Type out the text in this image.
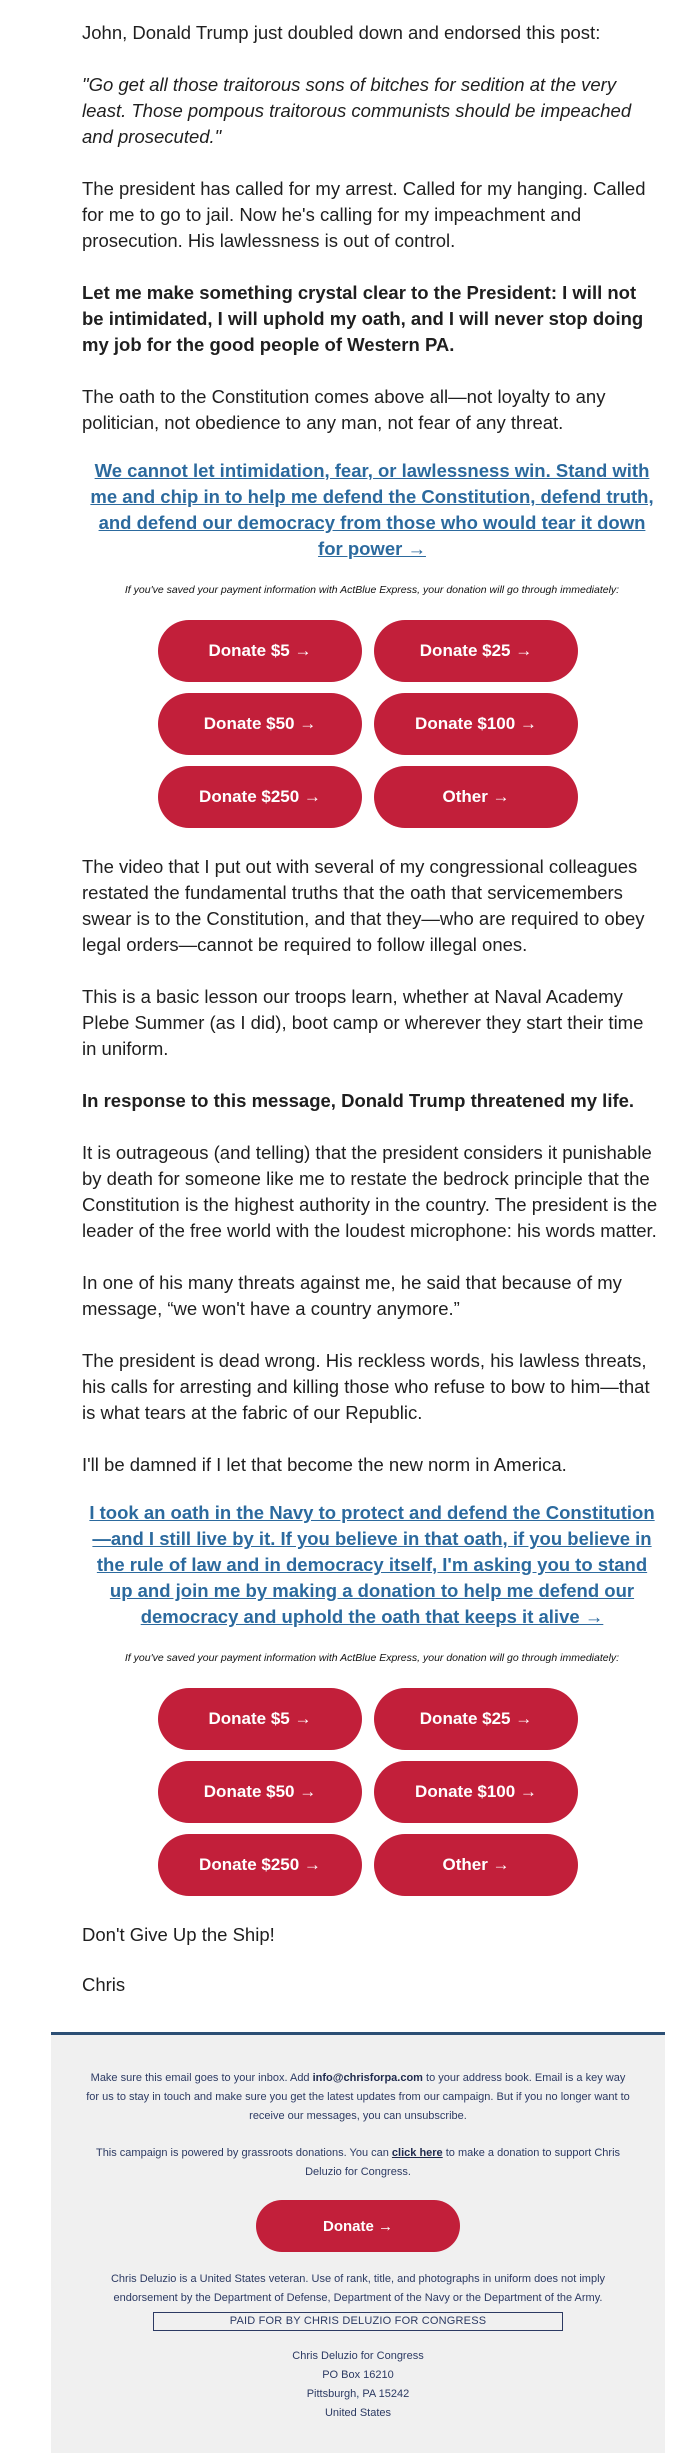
John, Donald Trump just doubled down and endorsed this post:

"Go get all those traitorous sons of bitches for sedition at the very least. Those pompous traitorous communists should be impeached and prosecuted."

The president has called for my arrest. Called for my hanging. Called for me to go to jail. Now he's calling for my impeachment and prosecution. His lawlessness is out of control.

Let me make something crystal clear to the President: I will not be intimidated, I will uphold my oath, and I will never stop doing my job for the good people of Western PA.

The oath to the Constitution comes above all—not loyalty to any politician, not obedience to any man, not fear of any threat.

We cannot let intimidation, fear, or lawlessness win. Stand with me and chip in to help me defend the Constitution, defend truth, and defend our democracy from those who would tear it down for power →

If you've saved your payment information with ActBlue Express, your donation will go through immediately:

Donate $5 →	Donate $25 →
Donate $50 →	Donate $100 →
Donate $250 →	Other →

The video that I put out with several of my congressional colleagues restated the fundamental truths that the oath that servicemembers swear is to the Constitution, and that they—who are required to obey legal orders—cannot be required to follow illegal ones.

This is a basic lesson our troops learn, whether at Naval Academy Plebe Summer (as I did), boot camp or wherever they start their time in uniform.

In response to this message, Donald Trump threatened my life.

It is outrageous (and telling) that the president considers it punishable by death for someone like me to restate the bedrock principle that the Constitution is the highest authority in the country. The president is the leader of the free world with the loudest microphone: his words matter.

In one of his many threats against me, he said that because of my message, “we won't have a country anymore.”

The president is dead wrong. His reckless words, his lawless threats, his calls for arresting and killing those who refuse to bow to him—that is what tears at the fabric of our Republic.

I'll be damned if I let that become the new norm in America.

I took an oath in the Navy to protect and defend the Constitution—and I still live by it. If you believe in that oath, if you believe in the rule of law and in democracy itself, I'm asking you to stand up and join me by making a donation to help me defend our democracy and uphold the oath that keeps it alive →

If you've saved your payment information with ActBlue Express, your donation will go through immediately:

Donate $5 →	Donate $25 →
Donate $50 →	Donate $100 →
Donate $250 →	Other →

Don't Give Up the Ship!

Chris

Make sure this email goes to your inbox. Add info@chrisforpa.com to your address book. Email is a key way for us to stay in touch and make sure you get the latest updates from our campaign. But if you no longer want to receive our messages, you can unsubscribe.

This campaign is powered by grassroots donations. You can click here to make a donation to support Chris Deluzio for Congress.

Donate →

Chris Deluzio is a United States veteran. Use of rank, title, and photographs in uniform does not imply endorsement by the Department of Defense, Department of the Navy or the Department of the Army.

PAID FOR BY CHRIS DELUZIO FOR CONGRESS
Chris Deluzio for Congress
PO Box 16210
Pittsburgh, PA 15242
United States
